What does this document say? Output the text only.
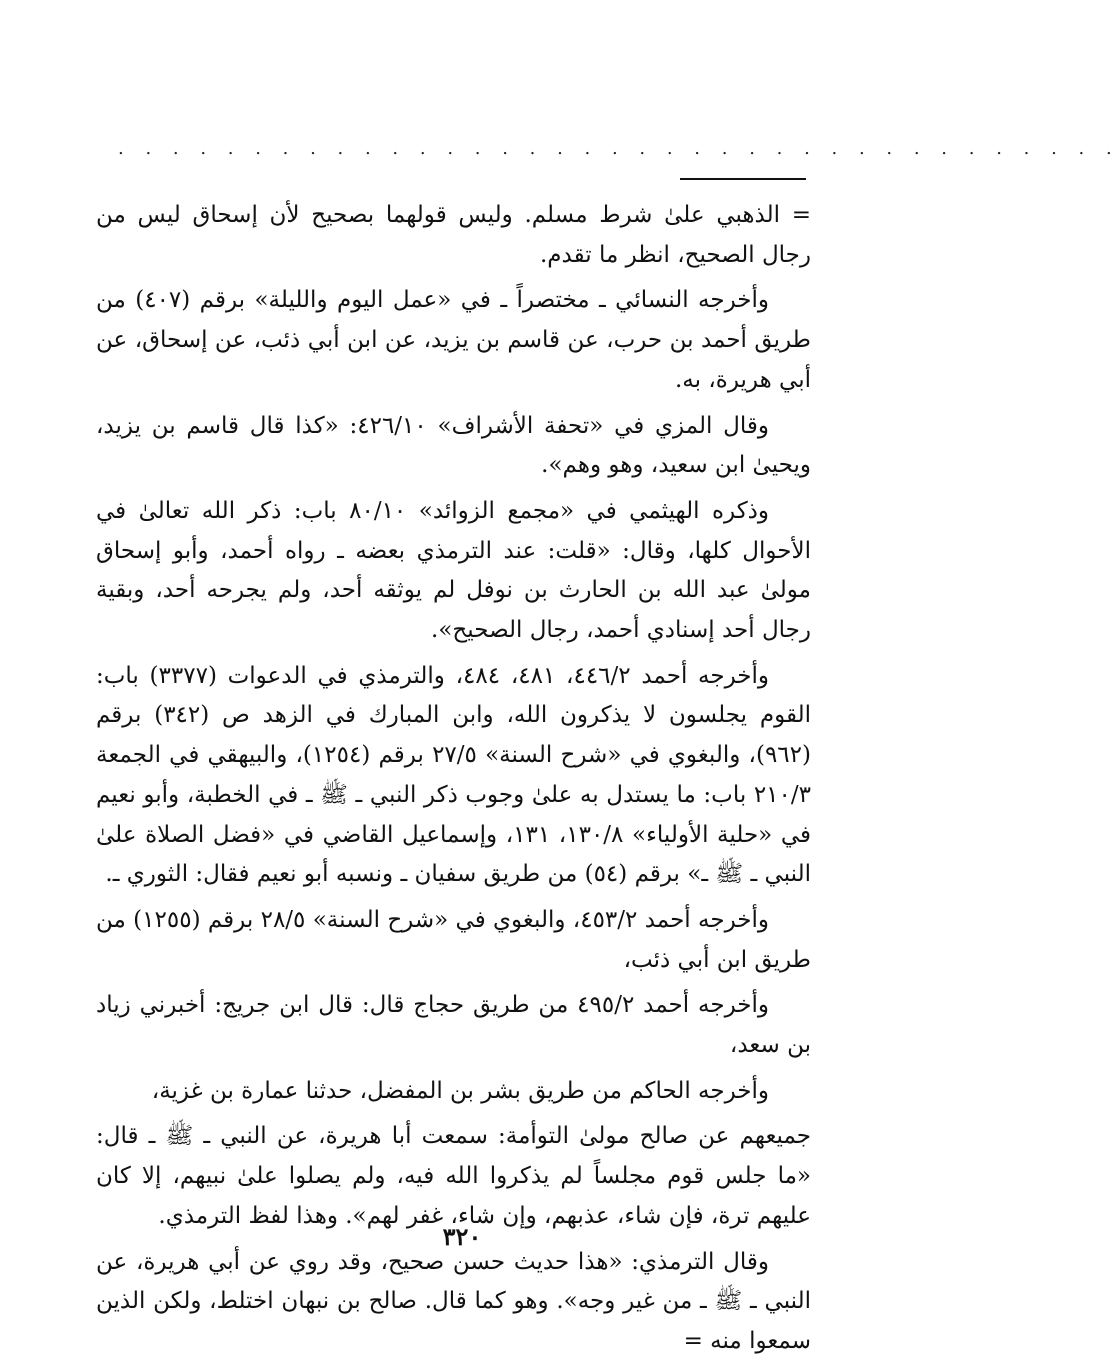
. . . . . . . . . . . . . . . . . . . . . . . . . . . . . . . . . . . . .

= الذهبي علىٰ شرط مسلم. وليس قولهما بصحيح لأن إسحاق ليس من رجال الصحيح، انظر ما تقدم.

وأخرجه النسائي ـ مختصراً ـ في «عمل اليوم والليلة» برقم (٤٠٧) من طريق أحمد بن حرب، عن قاسم بن يزيد، عن ابن أبي ذئب، عن إسحاق، عن أبي هريرة، به.

وقال المزي في «تحفة الأشراف» ٤٢٦/١٠: «كذا قال قاسم بن يزيد، ويحيىٰ ابن سعيد، وهو وهم».

وذكره الهيثمي في «مجمع الزوائد» ٨٠/١٠ باب: ذكر الله تعالىٰ في الأحوال كلها، وقال: «قلت: عند الترمذي بعضه ـ رواه أحمد، وأبو إسحاق مولىٰ عبد الله بن الحارث بن نوفل لم يوثقه أحد، ولم يجرحه أحد، وبقية رجال أحد إسنادي أحمد، رجال الصحيح».

وأخرجه أحمد ٤٤٦/٢، ٤٨١، ٤٨٤، والترمذي في الدعوات (٣٣٧٧) باب: القوم يجلسون لا يذكرون الله، وابن المبارك في الزهد ص (٣٤٢) برقم (٩٦٢)، والبغوي في «شرح السنة» ٢٧/٥ برقم (١٢٥٤)، والبيهقي في الجمعة ٢١٠/٣ باب: ما يستدل به علىٰ وجوب ذكر النبي ـ ﷺ ـ في الخطبة، وأبو نعيم في «حلية الأولياء» ١٣٠/٨، ١٣١، وإسماعيل القاضي في «فضل الصلاة علىٰ النبي ـ ﷺ ـ» برقم (٥٤) من طريق سفيان ـ ونسبه أبو نعيم فقال: الثوري ـ.

وأخرجه أحمد ٤٥٣/٢، والبغوي في «شرح السنة» ٢٨/٥ برقم (١٢٥٥) من طريق ابن أبي ذئب،

وأخرجه أحمد ٤٩٥/٢ من طريق حجاج قال: قال ابن جريج: أخبرني زياد بن سعد،

وأخرجه الحاكم من طريق بشر بن المفضل، حدثنا عمارة بن غزية،

جميعهم عن صالح مولىٰ التوأمة: سمعت أبا هريرة، عن النبي ـ ﷺ ـ قال: «ما جلس قوم مجلساً لم يذكروا الله فيه، ولم يصلوا علىٰ نبيهم، إلا كان عليهم ترة، فإن شاء، عذبهم، وإن شاء، غفر لهم». وهذا لفظ الترمذي.

وقال الترمذي: «هذا حديث حسن صحيح، وقد روي عن أبي هريرة، عن النبي ـ ﷺ ـ من غير وجه». وهو كما قال. صالح بن نبهان اختلط، ولكن الذين سمعوا منه =

٣٢٠
